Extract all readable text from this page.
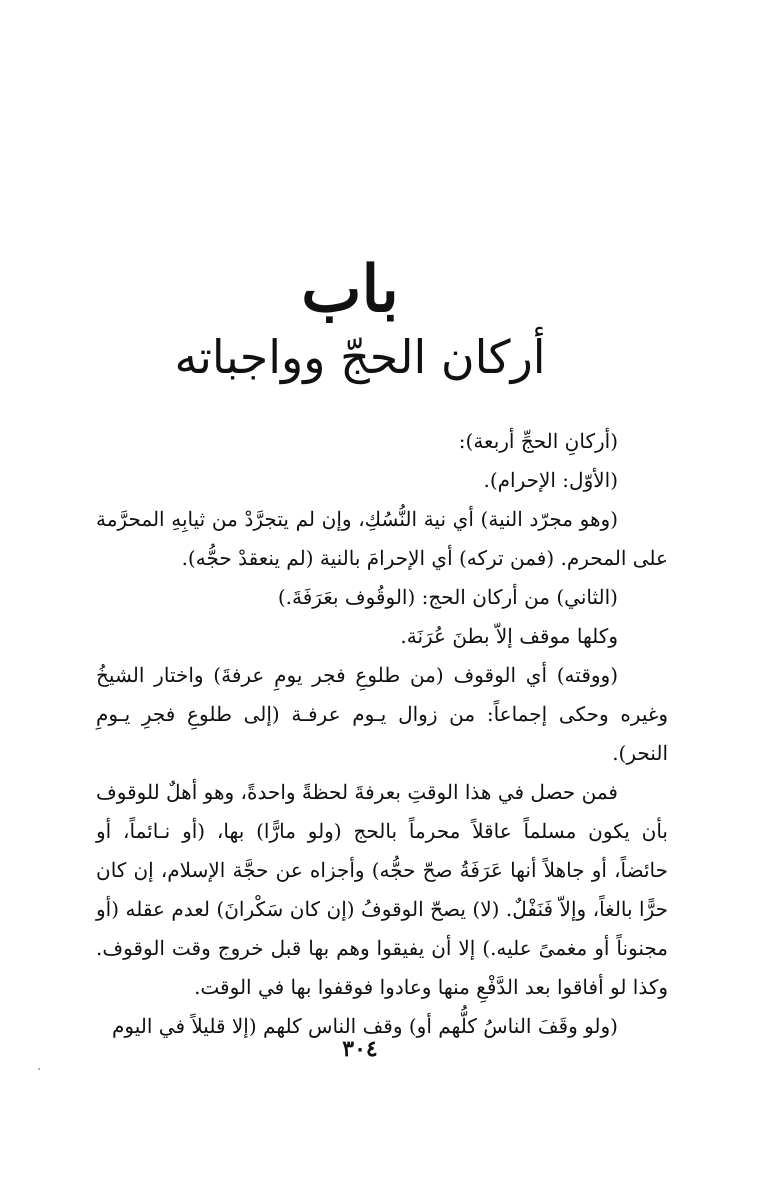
باب
أركان الحجّ وواجباته

(أركانِ الحجِّ أربعة):

(الأوّل: الإحرام).

(وهو مجرّد النية) أي نية النُّسُكِ، وإن لم يتجرَّدْ من ثيابِهِ المحرَّمة على المحرم. (فمن تركه) أي الإحرامَ بالنية (لم ينعقدْ حجُّه).

(الثاني) من أركان الحج: (الوقُوف بعَرَفَةَ.)

وكلها موقف إلاّ بطنَ عُرَنَة.

(ووقته) أي الوقوف (من طلوعِ فجر يومِ عرفةَ) واختار الشيخُ وغيره وحكى إجماعاً: من زوال يـوم عرفـة (إلى طلوعِ فجرِ يـومِ النحر).

فمن حصل في هذا الوقتِ بعرفةَ لحظةً واحدةً، وهو أهلٌ للوقوف بأن يكون مسلماً عاقلاً محرماً بالحج (ولو مارًّا) بها، (أو نـائماً، أو حائضاً، أو جاهلاً أنها عَرَفَةُ صحّ حجُّه) وأجزاه عن حجَّة الإسلام، إن كان حرًّا بالغاً، وإلاّ فَنَفْلٌ. (لا) يصحّ الوقوفُ (إن كان سَكْرانَ) لعدم عقله (أو مجنوناً أو مغمىً عليه.) إلا أن يفيقوا وهم بها قبل خروج وقت الوقوف. وكذا لو أفاقوا بعد الدَّفْعِ منها وعادوا فوقفوا بها في الوقت.

(ولو وقَفَ الناسُ كلُّهم أو) وقف الناس كلهم (إلا قليلاً في اليوم

٣٠٤
